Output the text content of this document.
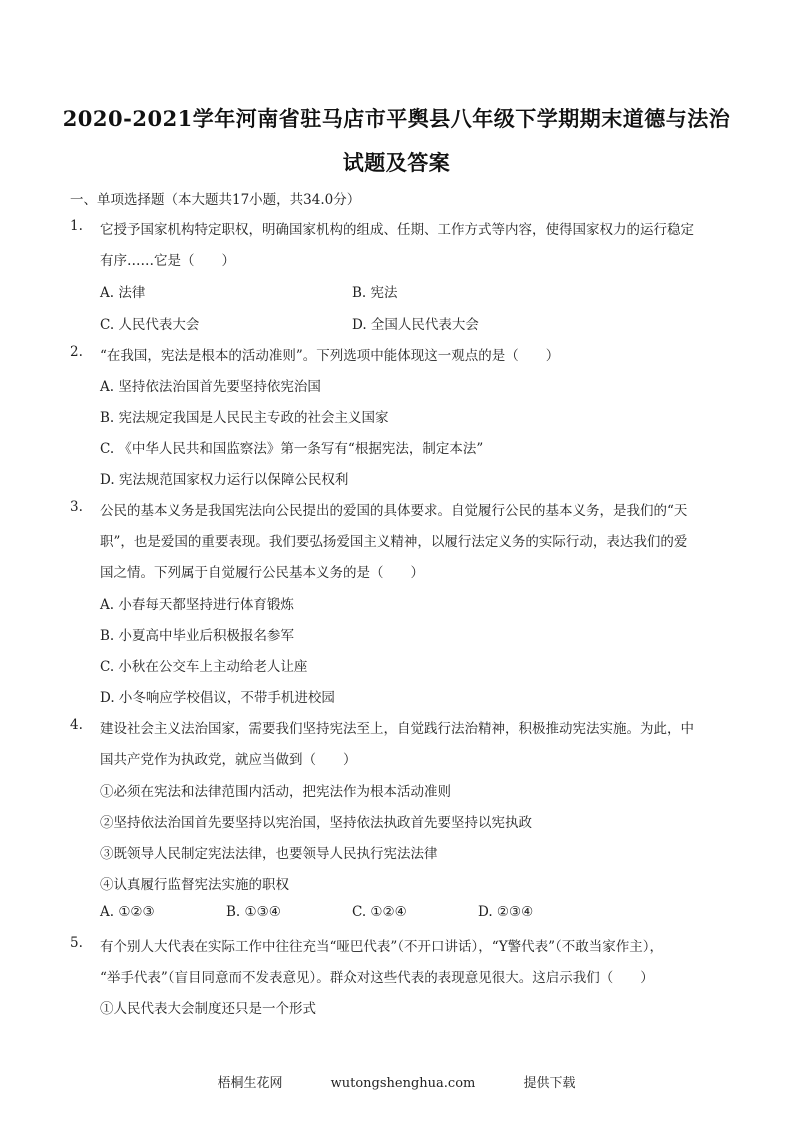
2020-2021学年河南省驻马店市平舆县八年级下学期期末道德与法治
试题及答案
一、单项选择题（本大题共17小题，共34.0分）
1. 它授予国家机构特定职权，明确国家机构的组成、任期、工作方式等内容，使得国家权力的运行稳定
有序……它是（　　）
A. 法律	B. 宪法
C. 人民代表大会	D. 全国人民代表大会
2. “在我国，宪法是根本的活动准则”。下列选项中能体现这一观点的是（　　）
A. 坚持依法治国首先要坚持依宪治国
B. 宪法规定我国是人民民主专政的社会主义国家
C. 《中华人民共和国监察法》第一条写有“根据宪法，制定本法”
D. 宪法规范国家权力运行以保障公民权利
3. 公民的基本义务是我国宪法向公民提出的爱国的具体要求。自觉履行公民的基本义务，是我们的“天
职”，也是爱国的重要表现。我们要弘扬爱国主义精神，以履行法定义务的实际行动，表达我们的爱
国之情。下列属于自觉履行公民基本义务的是（　　）
A. 小春每天都坚持进行体育锻炼
B. 小夏高中毕业后积极报名参军
C. 小秋在公交车上主动给老人让座
D. 小冬响应学校倡议，不带手机进校园
4. 建设社会主义法治国家，需要我们坚持宪法至上，自觉践行法治精神，积极推动宪法实施。为此，中
国共产党作为执政党，就应当做到（　　）
①必须在宪法和法律范围内活动，把宪法作为根本活动准则
②坚持依法治国首先要坚持以宪治国，坚持依法执政首先要坚持以宪执政
③既领导人民制定宪法法律，也要领导人民执行宪法法律
④认真履行监督宪法实施的职权
A. ①②③	B. ①③④	C. ①②④	D. ②③④
5. 有个别人大代表在实际工作中往往充当“哑巴代表”（不开口讲话），“Y警代表”（不敢当家作主），
“举手代表”（盲目同意而不发表意见）。群众对这些代表的表现意见很大。这启示我们（　　）
①人民代表大会制度还只是一个形式
梧桐生花网	wutongshenghua.com	提供下载
